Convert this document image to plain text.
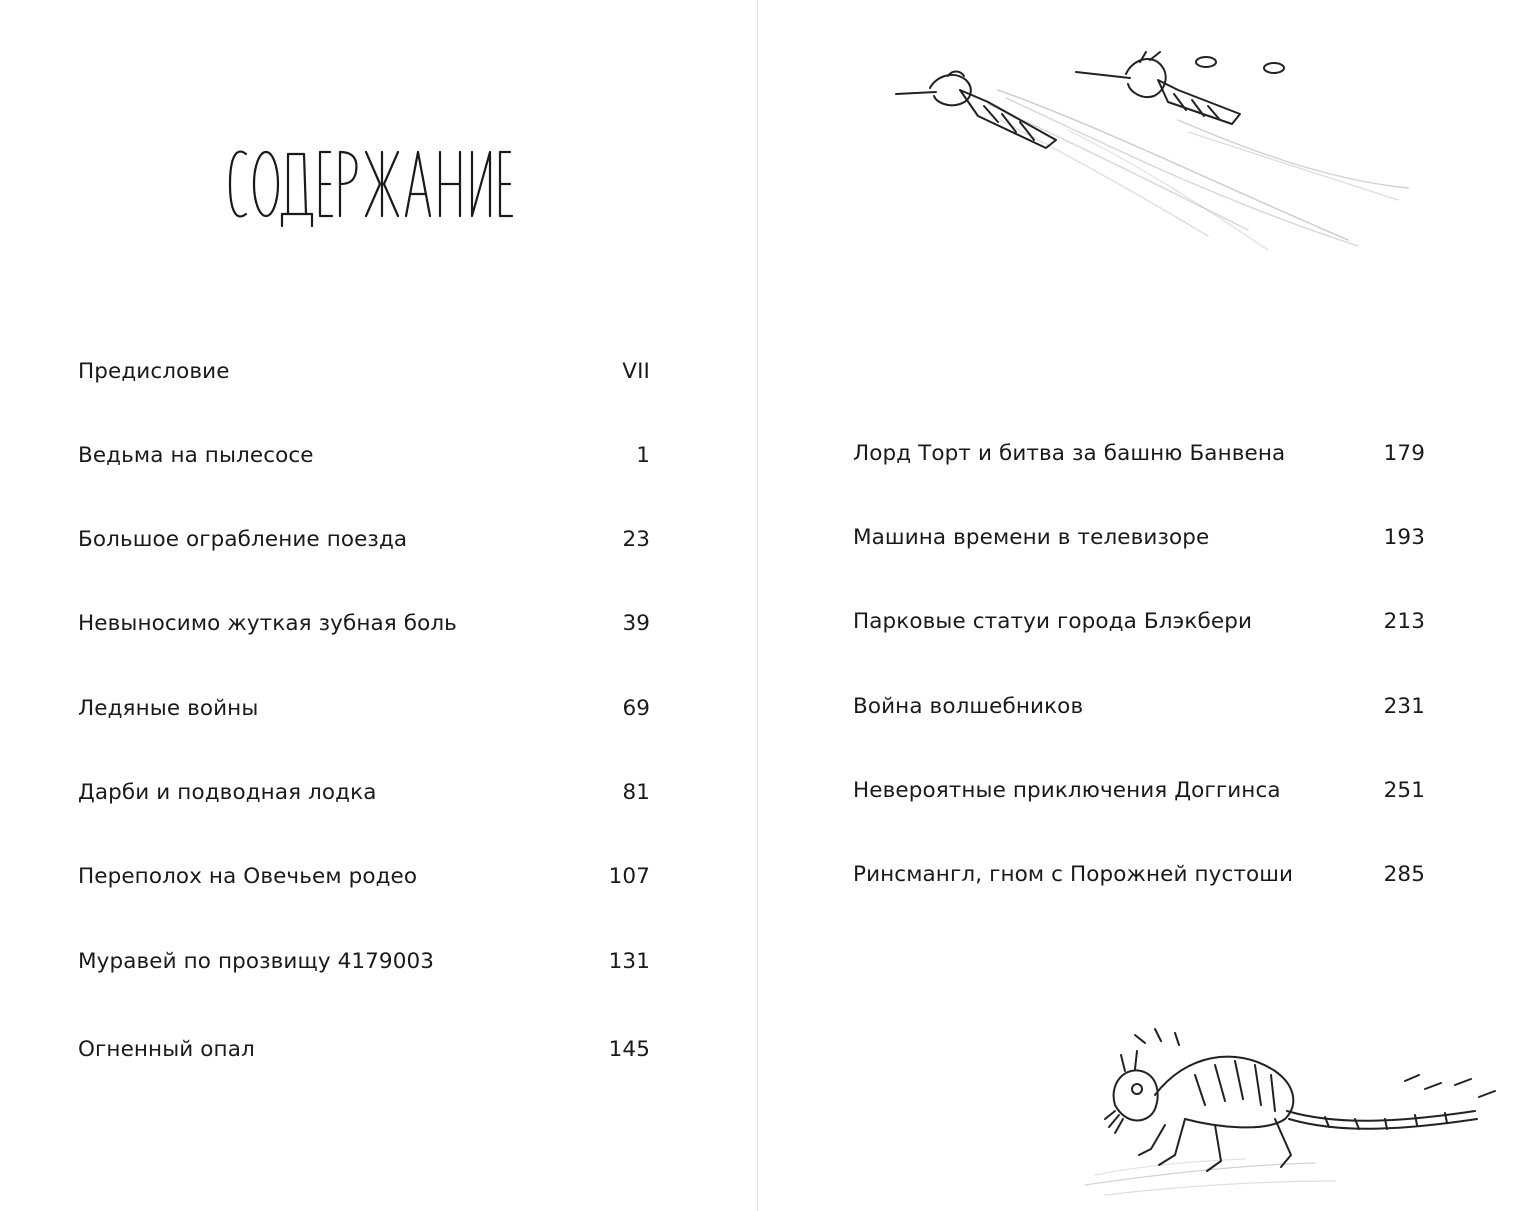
Предисловие	VII
Ведьма на пылесосе	1
Большое ограбление поезда	23
Невыносимо жуткая зубная боль	39
Ледяные войны	69
Дарби и подводная лодка	81
Переполох на Овечьем родео	107
Муравей по прозвищу 4179003	131
Огненный опал	145
Лорд Торт и битва за башню Банвена	179
Машина времени в телевизоре	193
Парковые статуи города Блэкбери	213
Война волшебников	231
Невероятные приключения Доггинса	251
Ринсмангл, гном с Порожней пустоши	285
